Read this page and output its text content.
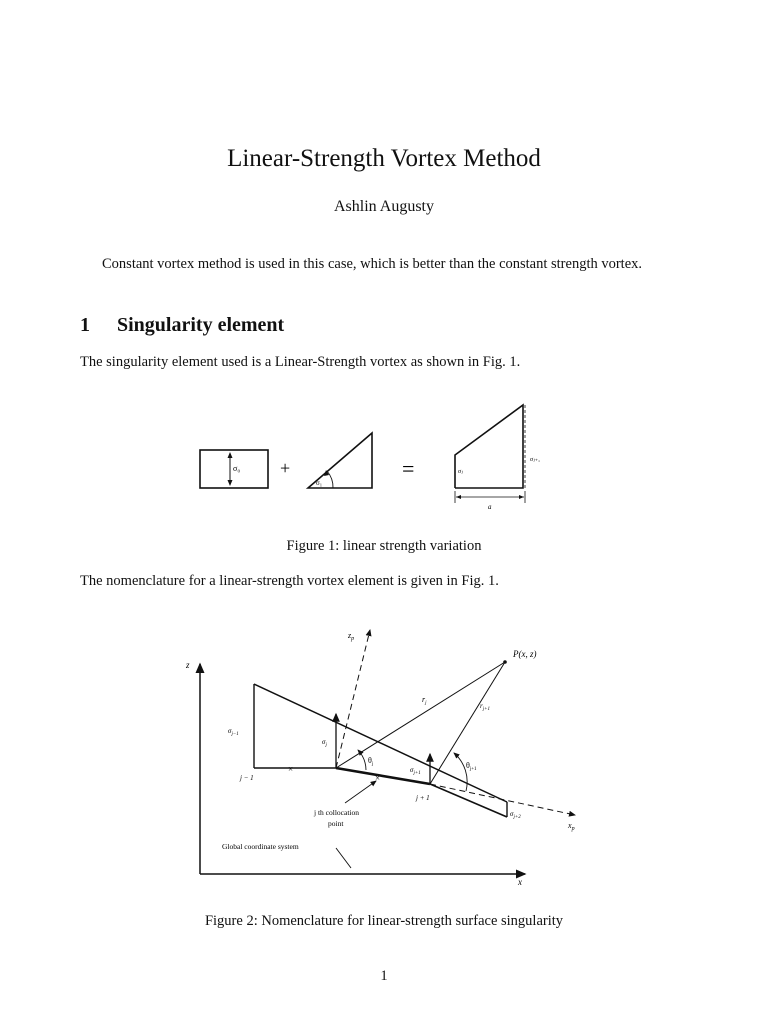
Linear-Strength Vortex Method
Ashlin Augusty
Constant vortex method is used in this case, which is better than the constant strength vortex.
1 Singularity element
The singularity element used is a Linear-Strength vortex as shown in Fig. 1.
σ₀ +
σ₁
=	σⱼ
σⱼ₊₁
a
Figure 1: linear strength variation
The nomenclature for a linear-strength vortex element is given in Fig. 1.
z
x
×
×
$z_p$
$x_p$
P(x, z)
$r_j$	$r_{j+1}$
$\theta_j$	$\theta_{j+1}$
$\sigma_{j-1}$
$\sigma_j$
$\sigma_{j+1}$
$\sigma_{j+2}$
j − 1
j + 1
j th collocation
point
Global coordinate system
Figure 2: Nomenclature for linear-strength surface singularity
1
